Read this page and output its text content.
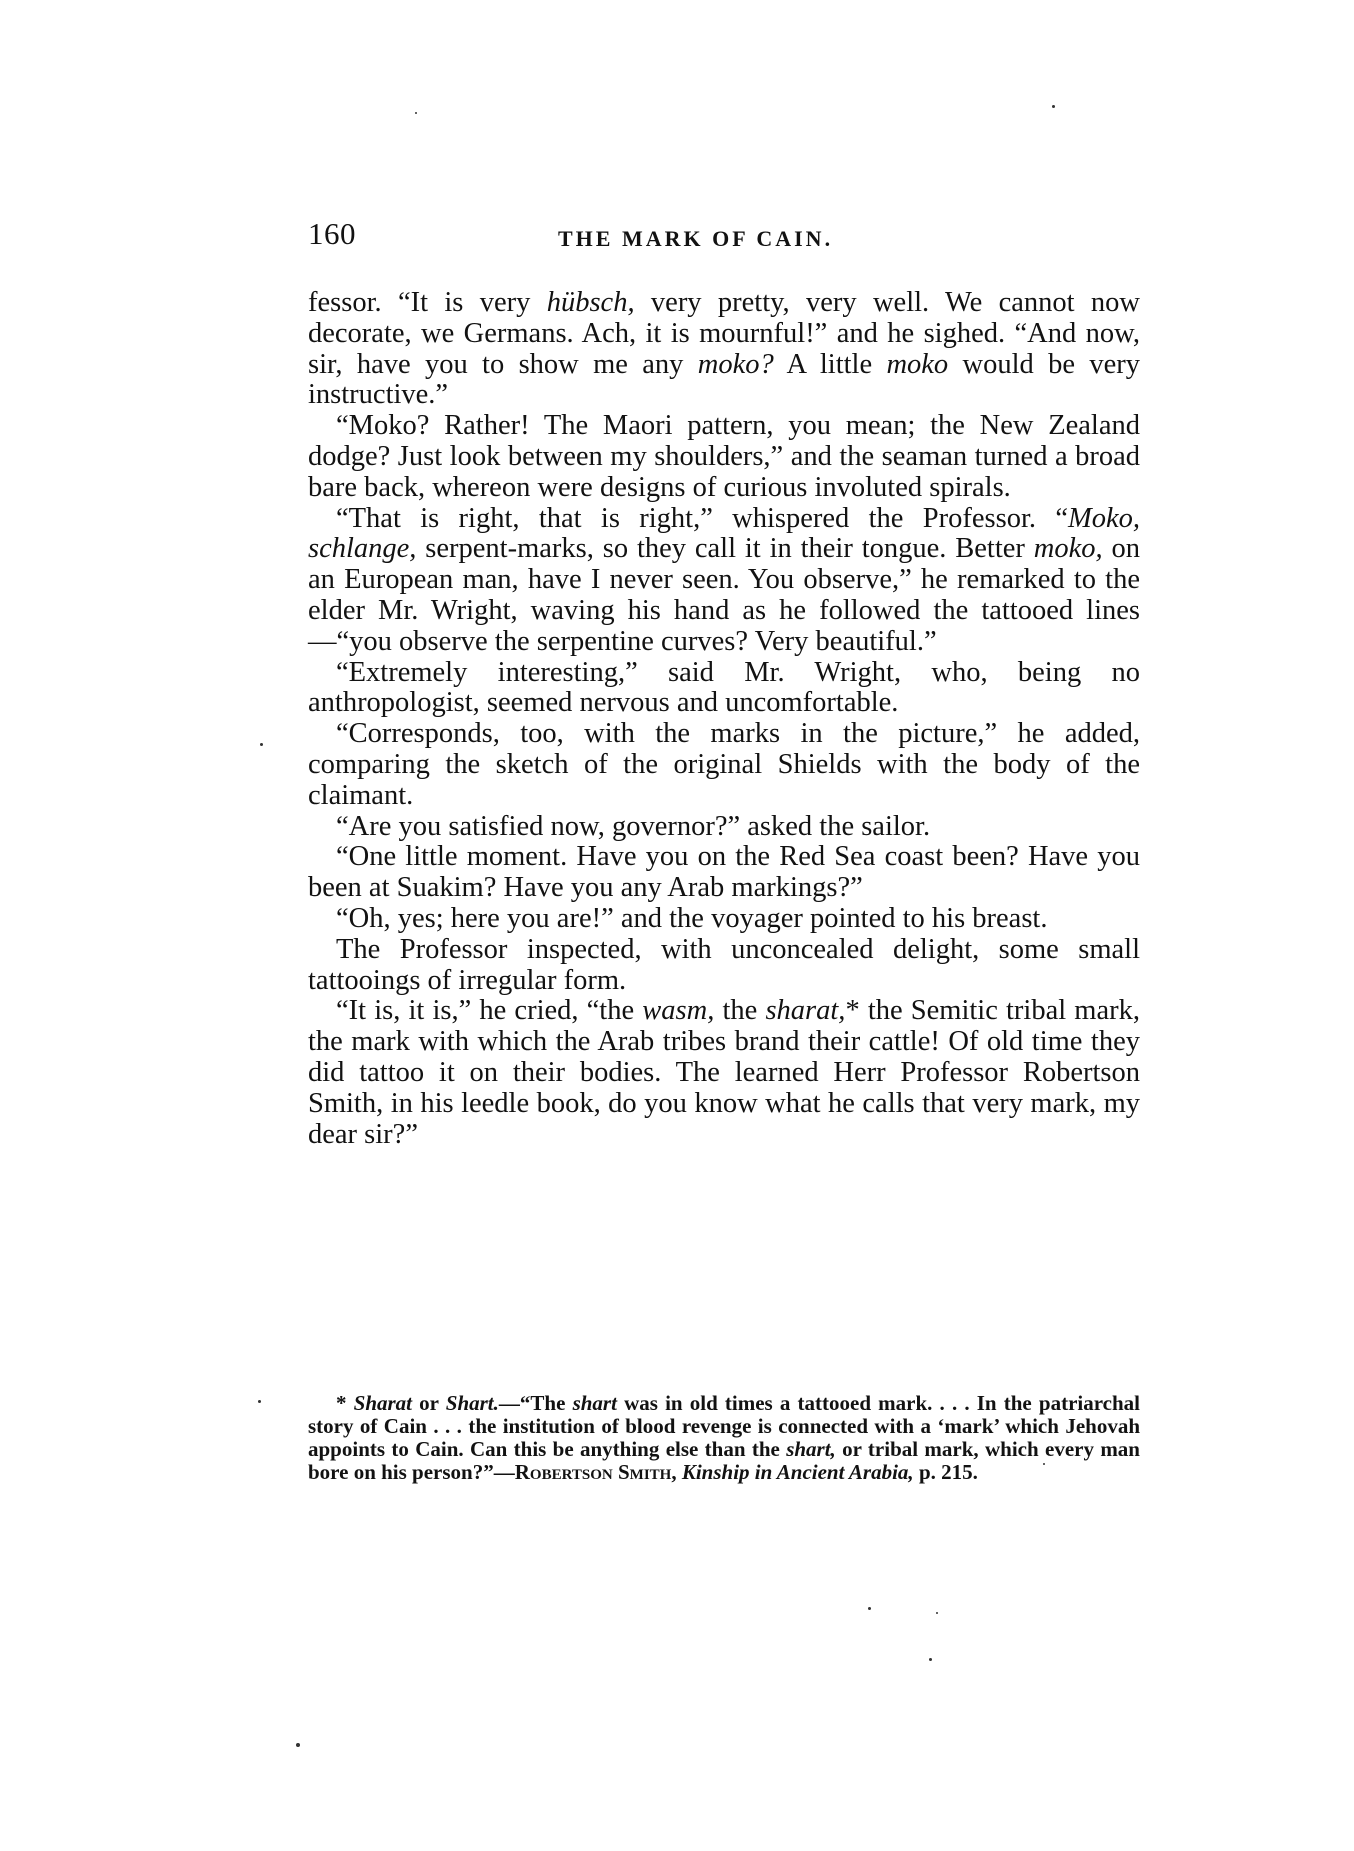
160	THE MARK OF CAIN.

fessor. “It is very hübsch, very pretty, very well. We cannot now decorate, we Germans. Ach, it is mournful!” and he sighed. “And now, sir, have you to show me any moko? A little moko would be very instructive.”

“Moko? Rather! The Maori pattern, you mean; the New Zealand dodge? Just look between my shoulders,” and the seaman turned a broad bare back, whereon were designs of curious involuted spirals.

“That is right, that is right,” whispered the Professor. “Moko, schlange, serpent-marks, so they call it in their tongue. Better moko, on an European man, have I never seen. You observe,” he remarked to the elder Mr. Wright, waving his hand as he followed the tattooed lines —“you observe the serpentine curves? Very beautiful.”

“Extremely interesting,” said Mr. Wright, who, being no anthropologist, seemed nervous and uncomfortable.

“Corresponds, too, with the marks in the picture,” he added, comparing the sketch of the original Shields with the body of the claimant.

“Are you satisfied now, governor?” asked the sailor.

“One little moment. Have you on the Red Sea coast been? Have you been at Suakim? Have you any Arab markings?”

“Oh, yes; here you are!” and the voyager pointed to his breast.

The Professor inspected, with unconcealed delight, some small tattooings of irregular form.

“It is, it is,” he cried, “the wasm, the sharat,* the Semitic tribal mark, the mark with which the Arab tribes brand their cattle! Of old time they did tattoo it on their bodies. The learned Herr Professor Robertson Smith, in his leedle book, do you know what he calls that very mark, my dear sir?”

* Sharat or Shart.—“The shart was in old times a tattooed mark. . . . In the patriarchal story of Cain . . . the institution of blood revenge is connected with a ‘mark’ which Jehovah appoints to Cain. Can this be anything else than the shart, or tribal mark, which every man bore on his person?”—Robertson Smith, Kinship in Ancient Arabia, p. 215.
